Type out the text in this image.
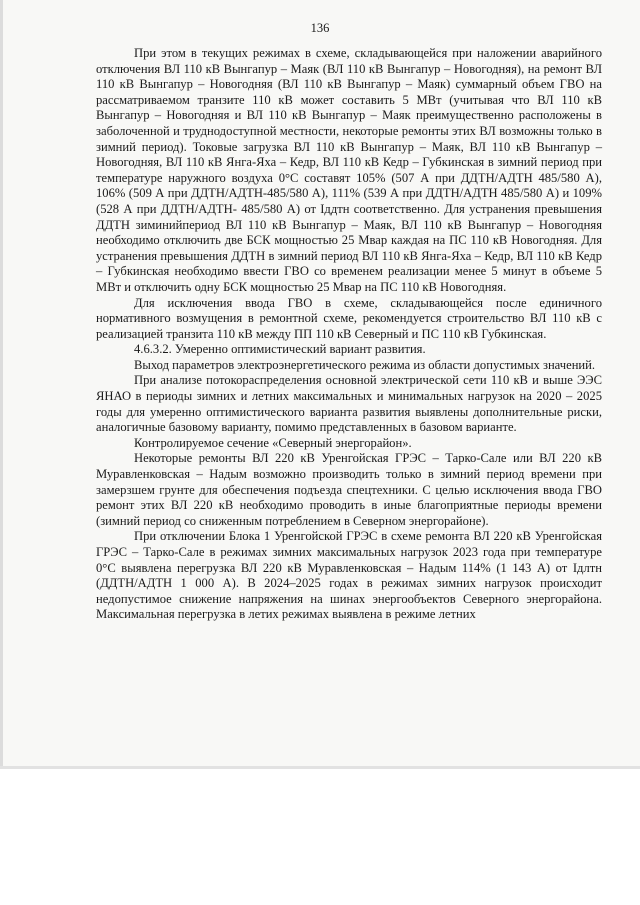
136

При этом в текущих режимах в схеме, складывающейся при наложении аварийного отключения ВЛ 110 кВ Вынгапур – Маяк (ВЛ 110 кВ Вынгапур – Новогодняя), на ремонт ВЛ 110 кВ Вынгапур – Новогодняя (ВЛ 110 кВ Вынгапур – Маяк) суммарный объем ГВО на рассматриваемом транзите 110 кВ может составить 5 МВт (учитывая что ВЛ 110 кВ Вынгапур – Новогодняя и ВЛ 110 кВ Вынгапур – Маяк преимущественно расположены в заболоченной и труднодоступной местности, некоторые ремонты этих ВЛ возможны только в зимний период). Токовые загрузка ВЛ 110 кВ Вынгапур – Маяк, ВЛ 110 кВ Вынгапур – Новогодняя, ВЛ 110 кВ Янга-Яха – Кедр, ВЛ 110 кВ Кедр – Губкинская в зимний период при температуре наружного воздуха 0°С составят 105% (507 А при ДДТН/АДТН 485/580 А), 106% (509 А при ДДТН/АДТН-485/580 А), 111% (539 А при ДДТН/АДТН 485/580 А) и 109% (528 А при ДДТН/АДТН- 485/580 А) от Iддтн соответственно. Для устранения превышения ДДТН зиминийпериод ВЛ 110 кВ Вынгапур – Маяк, ВЛ 110 кВ Вынгапур – Новогодняя необходимо отключить две БСК мощностью 25 Мвар каждая на ПС 110 кВ Новогодняя. Для устранения превышения ДДТН в зимний период ВЛ 110 кВ Янга-Яха – Кедр, ВЛ 110 кВ Кедр – Губкинская необходимо ввести ГВО со временем реализации менее 5 минут в объеме 5 МВт и отключить одну БСК мощностью 25 Мвар на ПС 110 кВ Новогодняя.

Для исключения ввода ГВО в схеме, складывающейся после единичного нормативного возмущения в ремонтной схеме, рекомендуется строительство ВЛ 110 кВ с реализацией транзита 110 кВ между ПП 110 кВ Северный и ПС 110 кВ Губкинская.

4.6.3.2. Умеренно оптимистический вариант развития.

Выход параметров электроэнергетического режима из области допустимых значений.

При анализе потокораспределения основной электрической сети 110 кВ и выше ЭЭС ЯНАО в периоды зимних и летних максимальных и минимальных нагрузок на 2020 – 2025 годы для умеренно оптимистического варианта развития выявлены дополнительные риски, аналогичные базовому варианту, помимо представленных в базовом варианте.

Контролируемое сечение «Северный энергорайон».

Некоторые ремонты ВЛ 220 кВ Уренгойская ГРЭС – Тарко-Сале или ВЛ 220 кВ Муравленковская – Надым возможно производить только в зимний период времени при замерзшем грунте для обеспечения подъезда спецтехники. С целью исключения ввода ГВО ремонт этих ВЛ 220 кВ необходимо проводить в иные благоприятные периоды времени (зимний период со сниженным потреблением в Северном энергорайоне).

При отключении Блока 1 Уренгойской ГРЭС в схеме ремонта ВЛ 220 кВ Уренгойская ГРЭС – Тарко-Сале в режимах зимних максимальных нагрузок 2023 года при температуре 0°С выявлена перегрузка ВЛ 220 кВ Муравленковская – Надым 114% (1 143 А) от Iдлтн (ДДТН/АДТН 1 000 А). В 2024–2025 годах в режимах зимних нагрузок происходит недопустимое снижение напряжения на шинах энергообъектов Северного энергорайона. Максимальная перегрузка в летих режимах выявлена в режиме летних
